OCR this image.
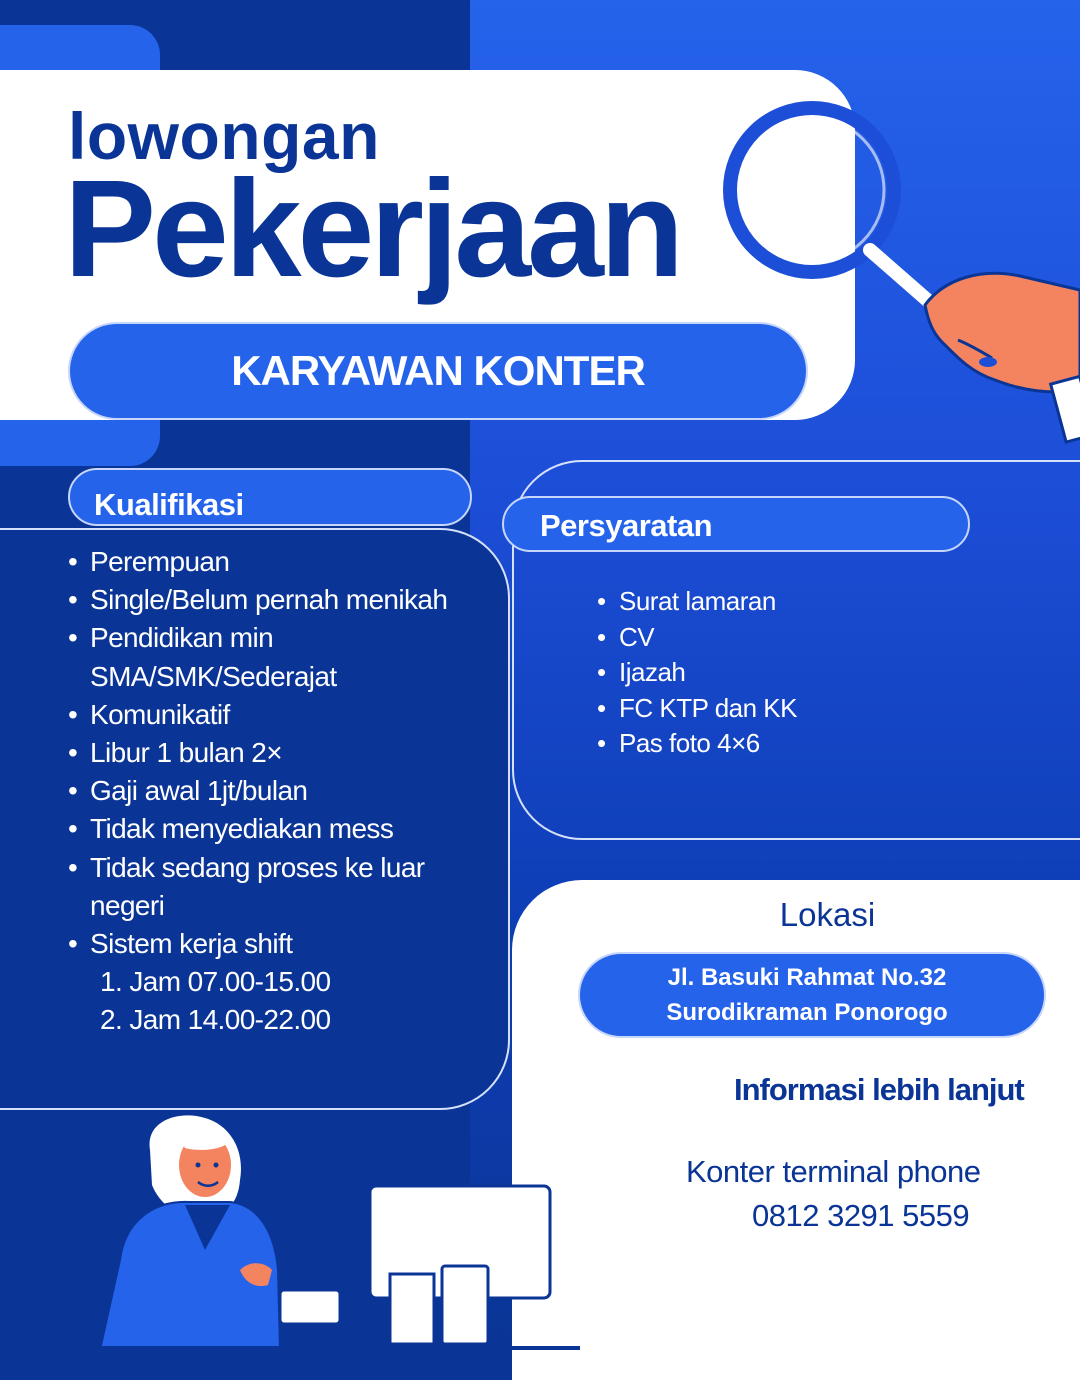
lowongan
Pekerjaan
KARYAWAN KONTER
Kualifikasi
• Perempuan
• Single/Belum pernah menikah
• Pendidikan min SMA/SMK/Sederajat
• Komunikatif
• Libur 1 bulan 2×
• Gaji awal 1jt/bulan
• Tidak menyediakan mess
• Tidak sedang proses ke luar negeri
• Sistem kerja shift
1. Jam 07.00-15.00
2. Jam 14.00-22.00
Persyaratan
• Surat lamaran
• CV
• Ijazah
• FC KTP dan KK
• Pas foto 4×6
Lokasi
Jl. Basuki Rahmat No.32
Surodikraman Ponorogo
Informasi lebih lanjut
Konter terminal phone
0812 3291 5559
